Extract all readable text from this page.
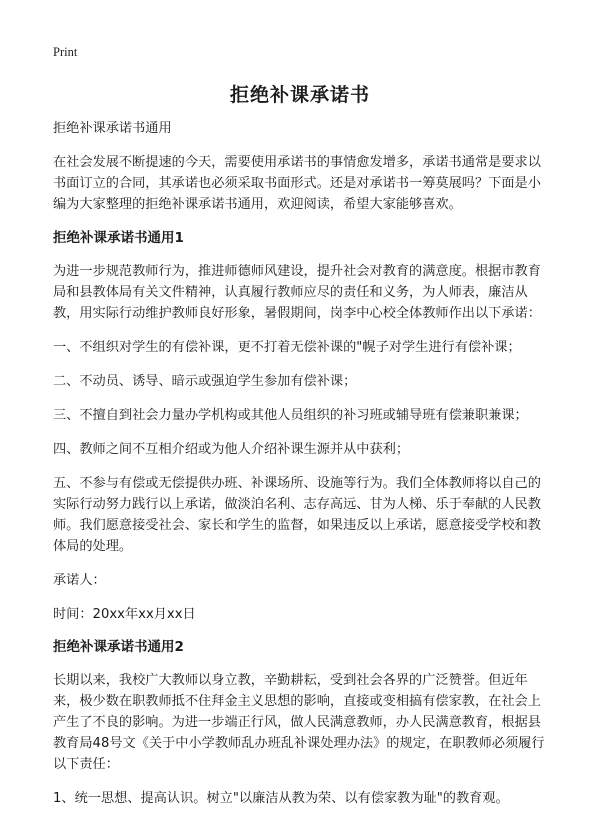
Print
拒绝补课承诺书

拒绝补课承诺书通用

在社会发展不断提速的今天，需要使用承诺书的事情愈发增多，承诺书通常是要求以书面订立的合同，其承诺也必须采取书面形式。还是对承诺书一筹莫展吗？下面是小编为大家整理的拒绝补课承诺书通用，欢迎阅读，希望大家能够喜欢。

拒绝补课承诺书通用1

为进一步规范教师行为，推进师德师风建设，提升社会对教育的满意度。根据市教育局和县教体局有关文件精神，认真履行教师应尽的责任和义务，为人师表，廉洁从教，用实际行动维护教师良好形象，暑假期间，岗李中心校全体教师作出以下承诺：

一、不组织对学生的有偿补课，更不打着无偿补课的"幌子对学生进行有偿补课；

二、不动员、诱导、暗示或强迫学生参加有偿补课；

三、不擅自到社会力量办学机构或其他人员组织的补习班或辅导班有偿兼职兼课；

四、教师之间不互相介绍或为他人介绍补课生源并从中获利；

五、不参与有偿或无偿提供办班、补课场所、设施等行为。我们全体教师将以自己的实际行动努力践行以上承诺，做淡泊名利、志存高远、甘为人梯、乐于奉献的人民教师。我们愿意接受社会、家长和学生的监督，如果违反以上承诺，愿意接受学校和教体局的处理。

承诺人：

时间：20xx年xx月xx日

拒绝补课承诺书通用2

长期以来，我校广大教师以身立教，辛勤耕耘，受到社会各界的广泛赞誉。但近年来，极少数在职教师抵不住拜金主义思想的影响，直接或变相搞有偿家教，在社会上产生了不良的影响。为进一步端正行风，做人民满意教师，办人民满意教育，根据县教育局48号文《关于中小学教师乱办班乱补课处理办法》的规定，在职教师必须履行以下责任：

1、统一思想、提高认识。树立"以廉洁从教为荣、以有偿家教为耻"的教育观。
